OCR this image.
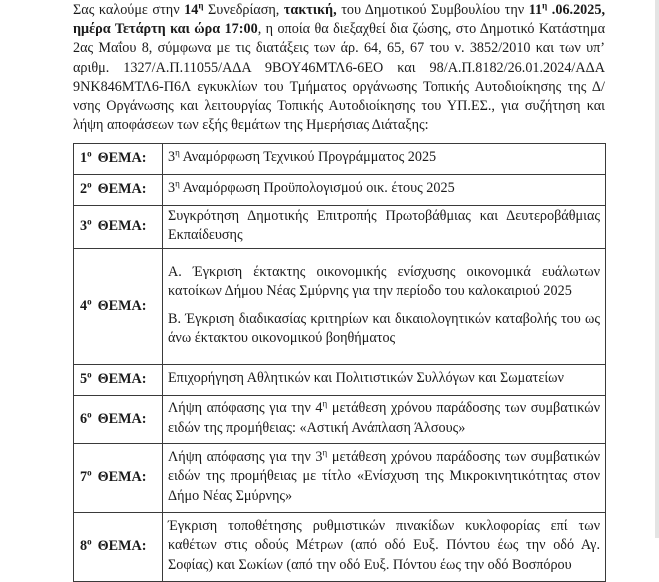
Σας καλούμε στην $14^\eta$ Συνεδρίαση, τακτική, του Δημοτικού Συμβουλίου την $11^\eta$ .06.2025, ημέρα Τετάρτη και ώρα 17:00, η οποία θα διεξαχθεί δια ζώσης, στο Δημοτικό Κατάστημα 2ας Μαΐου 8, σύμφωνα με τις διατάξεις των άρ. 64, 65, 67 του ν. 3852/2010 και των υπ’ αριθμ. 1327/Α.Π.11055/ΑΔΑ 9ΒΟΥ46ΜΤΛ6-6ΕΟ και 98/Α.Π.8182/26.01.2024/ΑΔΑ 9ΝΚ846ΜΤΛ6-Π6Λ εγκυκλίων του Τμήματος οργάνωσης Τοπικής Αυτοδιοίκησης της Δ/νσης Οργάνωσης και λειτουργίας Τοπικής Αυτοδιοίκησης του ΥΠ.ΕΣ., για συζήτηση και λήψη αποφάσεων των εξής θεμάτων της Ημερήσιας Διάταξης:

$1^o$ ΘΕΜΑ:	$3^\eta$ Αναμόρφωση Τεχνικού Προγράμματος 2025

$2^o$ ΘΕΜΑ:	$3^\eta$ Αναμόρφωση Προϋπολογισμού οικ. έτους 2025

$3^o$ ΘΕΜΑ:	Συγκρότηση Δημοτικής Επιτροπής Πρωτοβάθμιας και Δευτεροβάθμιας Εκπαίδευσης

$4^o$ ΘΕΜΑ:	Α. Έγκριση έκτακτης οικονομικής ενίσχυσης οικονομικά ευάλωτων κατοίκων Δήμου Νέας Σμύρνης για την περίοδο του καλοκαιριού 2025

Β. Έγκριση διαδικασίας κριτηρίων και δικαιολογητικών καταβολής του ως άνω έκτακτου οικονομικού βοηθήματος

$5^o$ ΘΕΜΑ:	Επιχορήγηση Αθλητικών και Πολιτιστικών Συλλόγων και Σωματείων

$6^o$ ΘΕΜΑ:	Λήψη απόφασης για την $4^\eta$ μετάθεση χρόνου παράδοσης των συμβατικών ειδών της προμήθειας: «Αστική Ανάπλαση Άλσους»

$7^o$ ΘΕΜΑ:	Λήψη απόφασης για την $3^\eta$ μετάθεση χρόνου παράδοσης των συμβατικών ειδών της προμήθειας με τίτλο «Ενίσχυση της Μικροκινητικότητας στον Δήμο Νέας Σμύρνης»

$8^o$ ΘΕΜΑ:	Έγκριση τοποθέτησης ρυθμιστικών πινακίδων κυκλοφορίας επί των καθέτων στις οδούς Μέτρων (από οδό Ευξ. Πόντου έως την οδό Αγ. Σοφίας) και Σωκίων (από την οδό Ευξ. Πόντου έως την οδό Βοσπόρου
